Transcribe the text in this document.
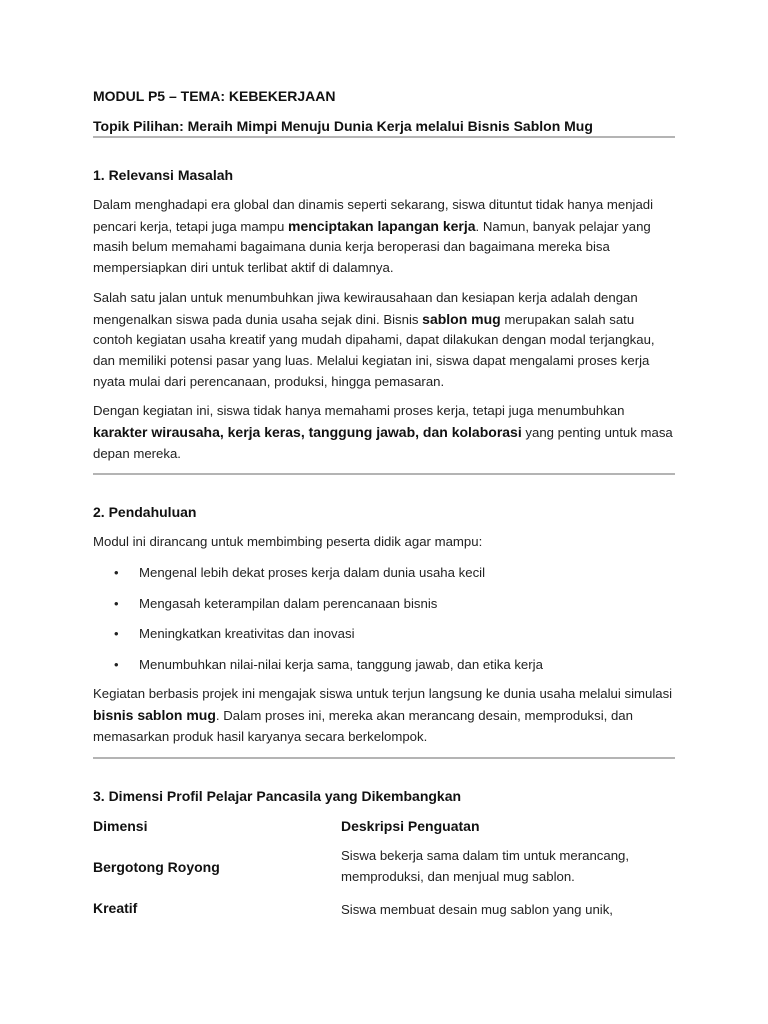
MODUL P5 – TEMA: KEBEKERJAAN
Topik Pilihan: Meraih Mimpi Menuju Dunia Kerja melalui Bisnis Sablon Mug
1. Relevansi Masalah

Dalam menghadapi era global dan dinamis seperti sekarang, siswa dituntut tidak hanya menjadi pencari kerja, tetapi juga mampu menciptakan lapangan kerja. Namun, banyak pelajar yang masih belum memahami bagaimana dunia kerja beroperasi dan bagaimana mereka bisa mempersiapkan diri untuk terlibat aktif di dalamnya.

Salah satu jalan untuk menumbuhkan jiwa kewirausahaan dan kesiapan kerja adalah dengan mengenalkan siswa pada dunia usaha sejak dini. Bisnis sablon mug merupakan salah satu contoh kegiatan usaha kreatif yang mudah dipahami, dapat dilakukan dengan modal terjangkau, dan memiliki potensi pasar yang luas. Melalui kegiatan ini, siswa dapat mengalami proses kerja nyata mulai dari perencanaan, produksi, hingga pemasaran.

Dengan kegiatan ini, siswa tidak hanya memahami proses kerja, tetapi juga menumbuhkan karakter wirausaha, kerja keras, tanggung jawab, dan kolaborasi yang penting untuk masa depan mereka.

2. Pendahuluan

Modul ini dirancang untuk membimbing peserta didik agar mampu:

• Mengenal lebih dekat proses kerja dalam dunia usaha kecil
• Mengasah keterampilan dalam perencanaan bisnis
• Meningkatkan kreativitas dan inovasi
• Menumbuhkan nilai-nilai kerja sama, tanggung jawab, dan etika kerja

Kegiatan berbasis projek ini mengajak siswa untuk terjun langsung ke dunia usaha melalui simulasi bisnis sablon mug. Dalam proses ini, mereka akan merancang desain, memproduksi, dan memasarkan produk hasil karyanya secara berkelompok.

3. Dimensi Profil Pelajar Pancasila yang Dikembangkan
Dimensi	Deskripsi Penguatan

Bergotong Royong	Siswa bekerja sama dalam tim untuk merancang, memproduksi, dan menjual mug sablon.

Kreatif	Siswa membuat desain mug sablon yang unik,
